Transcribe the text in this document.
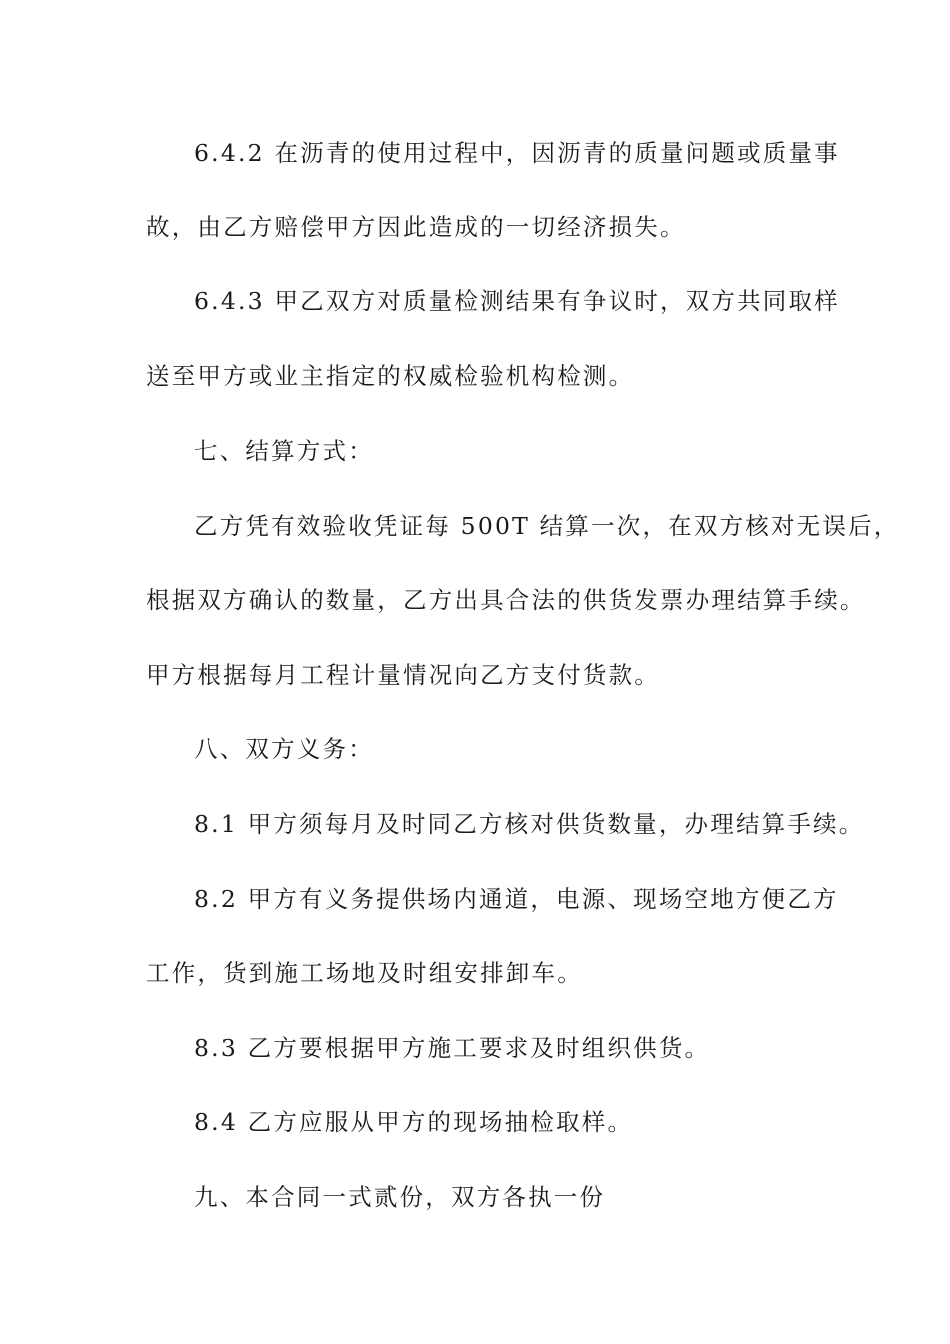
6.4.2 在沥青的使用过程中，因沥青的质量问题或质量事
故，由乙方赔偿甲方因此造成的一切经济损失。
6.4.3 甲乙双方对质量检测结果有争议时，双方共同取样
送至甲方或业主指定的权威检验机构检测。
七、结算方式：
乙方凭有效验收凭证每 500T 结算一次，在双方核对无误后，
根据双方确认的数量，乙方出具合法的供货发票办理结算手续。
甲方根据每月工程计量情况向乙方支付货款。
八、双方义务：
8.1 甲方须每月及时同乙方核对供货数量，办理结算手续。
8.2 甲方有义务提供场内通道，电源、现场空地方便乙方
工作，货到施工场地及时组安排卸车。
8.3 乙方要根据甲方施工要求及时组织供货。
8.4 乙方应服从甲方的现场抽检取样。
九、本合同一式贰份，双方各执一份
